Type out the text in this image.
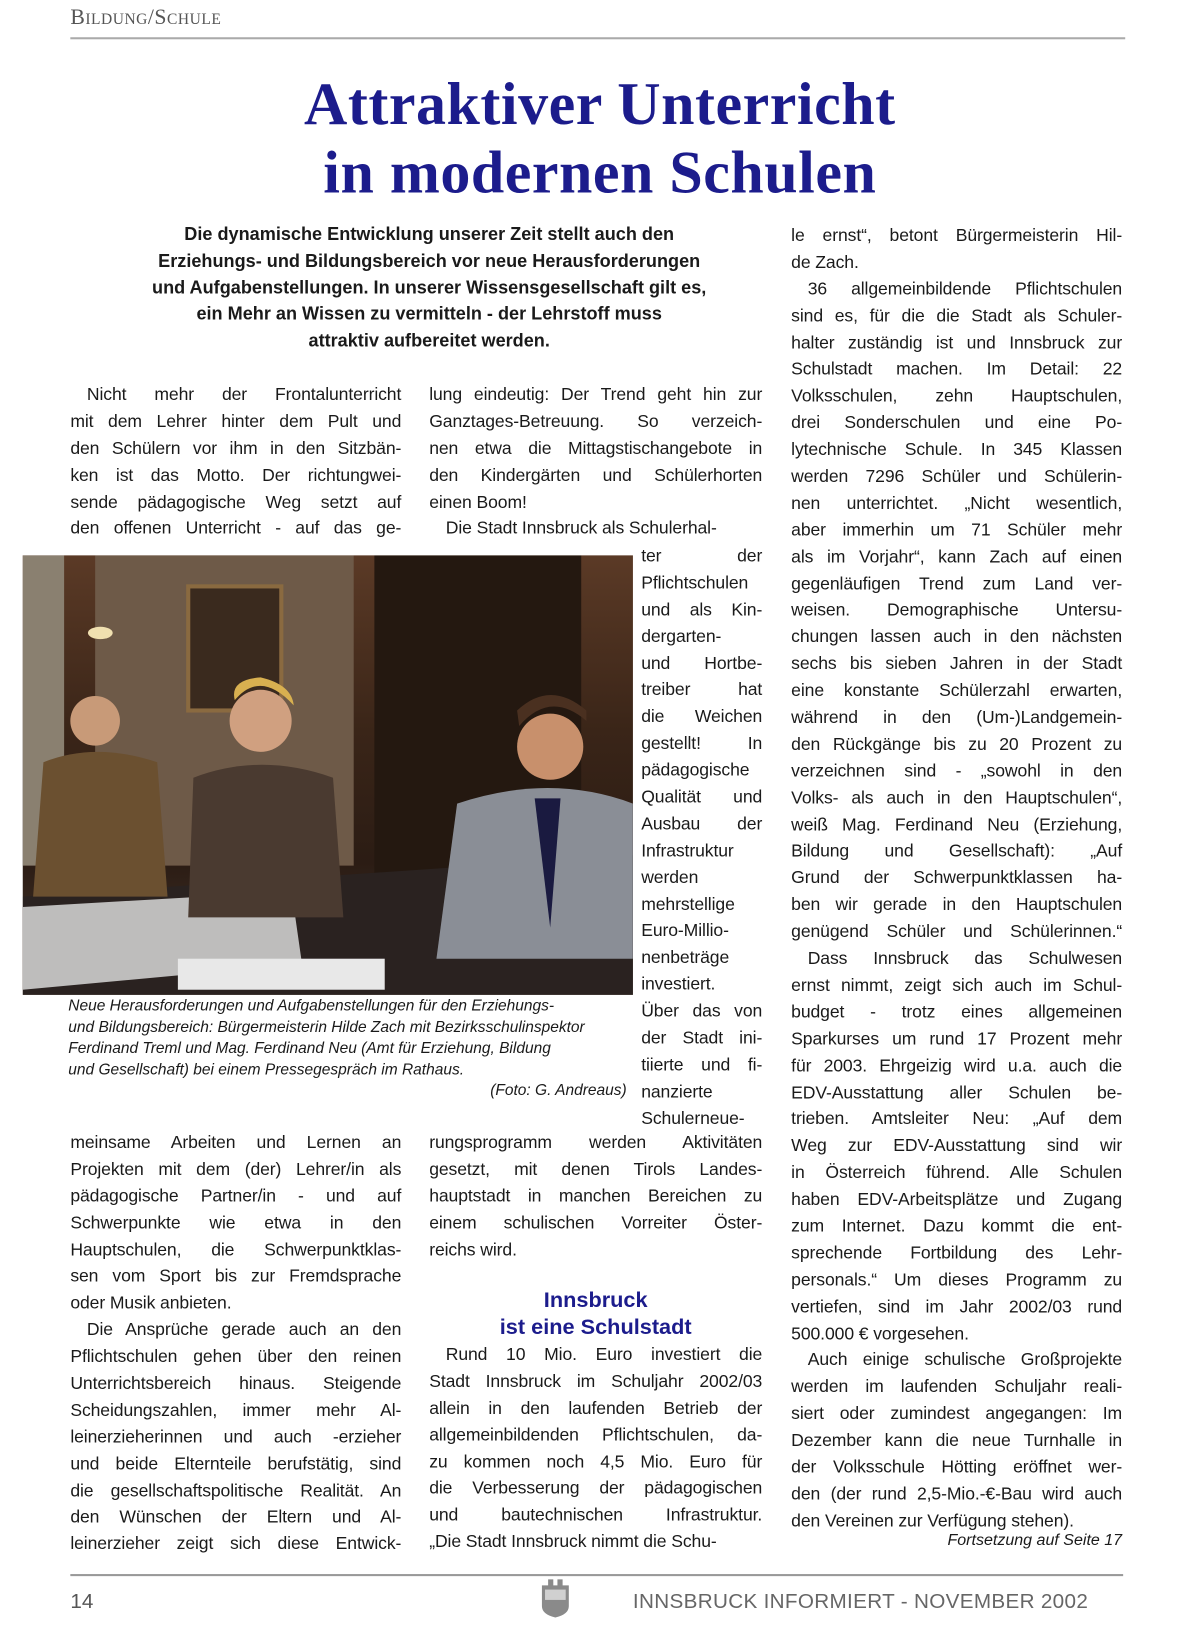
Bildung/Schule
Attraktiver Unterricht
in modernen Schulen
Die dynamische Entwicklung unserer Zeit stellt auch den
Erziehungs- und Bildungsbereich vor neue Herausforderungen
und Aufgabenstellungen. In unserer Wissensgesellschaft gilt es,
ein Mehr an Wissen zu vermitteln - der Lehrstoff muss
attraktiv aufbereitet werden.
Nicht mehr der Frontalunterricht
mit dem Lehrer hinter dem Pult und
den Schülern vor ihm in den Sitzbän-
ken ist das Motto. Der richtungwei-
sende pädagogische Weg setzt auf
den offenen Unterricht - auf das ge-
lung eindeutig: Der Trend geht hin zur
Ganztages-Betreuung. So verzeich-
nen etwa die Mittagstischangebote in
den Kindergärten und Schülerhorten
einen Boom!
Die Stadt Innsbruck als Schulerhal-
ter der
Pflichtschulen
und als Kin-
dergarten-
und Hortbe-
treiber hat
die Weichen
gestellt! In
pädagogische
Qualität und
Ausbau der
Infrastruktur
werden
mehrstellige
Euro-Millio-
nenbeträge
investiert.
Über das von
der Stadt ini-
tiierte und fi-
nanzierte
Schulerneue-
Neue Herausforderungen und Aufgabenstellungen für den Erziehungs-
und Bildungsbereich: Bürgermeisterin Hilde Zach mit Bezirksschulinspektor
Ferdinand Treml und Mag. Ferdinand Neu (Amt für Erziehung, Bildung
und Gesellschaft) bei einem Pressegespräch im Rathaus.
(Foto: G. Andreaus)
meinsame Arbeiten und Lernen an
Projekten mit dem (der) Lehrer/in als
pädagogische Partner/in - und auf
Schwerpunkte wie etwa in den
Hauptschulen, die Schwerpunktklas-
sen vom Sport bis zur Fremdsprache
oder Musik anbieten.
Die Ansprüche gerade auch an den
Pflichtschulen gehen über den reinen
Unterrichtsbereich hinaus. Steigende
Scheidungszahlen, immer mehr Al-
leinerzieherinnen und auch -erzieher
und beide Elternteile berufstätig, sind
die gesellschaftspolitische Realität. An
den Wünschen der Eltern und Al-
leinerzieher zeigt sich diese Entwick-
rungsprogramm werden Aktivitäten
gesetzt, mit denen Tirols Landes-
hauptstadt in manchen Bereichen zu
einem schulischen Vorreiter Öster-
reichs wird.
Innsbruck
ist eine Schulstadt
Rund 10 Mio. Euro investiert die
Stadt Innsbruck im Schuljahr 2002/03
allein in den laufenden Betrieb der
allgemeinbildenden Pflichtschulen, da-
zu kommen noch 4,5 Mio. Euro für
die Verbesserung der pädagogischen
und bautechnischen Infrastruktur.
„Die Stadt Innsbruck nimmt die Schu-
le ernst“, betont Bürgermeisterin Hil-
de Zach.
36 allgemeinbildende Pflichtschulen
sind es, für die die Stadt als Schuler-
halter zuständig ist und Innsbruck zur
Schulstadt machen. Im Detail: 22
Volksschulen, zehn Hauptschulen,
drei Sonderschulen und eine Po-
lytechnische Schule. In 345 Klassen
werden 7296 Schüler und Schülerin-
nen unterrichtet. „Nicht wesentlich,
aber immerhin um 71 Schüler mehr
als im Vorjahr“, kann Zach auf einen
gegenläufigen Trend zum Land ver-
weisen. Demographische Untersu-
chungen lassen auch in den nächsten
sechs bis sieben Jahren in der Stadt
eine konstante Schülerzahl erwarten,
während in den (Um-)Landgemein-
den Rückgänge bis zu 20 Prozent zu
verzeichnen sind - „sowohl in den
Volks- als auch in den Hauptschulen“,
weiß Mag. Ferdinand Neu (Erziehung,
Bildung und Gesellschaft): „Auf
Grund der Schwerpunktklassen ha-
ben wir gerade in den Hauptschulen
genügend Schüler und Schülerinnen.“
Dass Innsbruck das Schulwesen
ernst nimmt, zeigt sich auch im Schul-
budget - trotz eines allgemeinen
Sparkurses um rund 17 Prozent mehr
für 2003. Ehrgeizig wird u.a. auch die
EDV-Ausstattung aller Schulen be-
trieben. Amtsleiter Neu: „Auf dem
Weg zur EDV-Ausstattung sind wir
in Österreich führend. Alle Schulen
haben EDV-Arbeitsplätze und Zugang
zum Internet. Dazu kommt die ent-
sprechende Fortbildung des Lehr-
personals.“ Um dieses Programm zu
vertiefen, sind im Jahr 2002/03 rund
500.000 € vorgesehen.
Auch einige schulische Großprojekte
werden im laufenden Schuljahr reali-
siert oder zumindest angegangen: Im
Dezember kann die neue Turnhalle in
der Volksschule Hötting eröffnet wer-
den (der rund 2,5-Mio.-€-Bau wird auch
den Vereinen zur Verfügung stehen).
Fortsetzung auf Seite 17
14	INNSBRUCK INFORMIERT - NOVEMBER 2002
